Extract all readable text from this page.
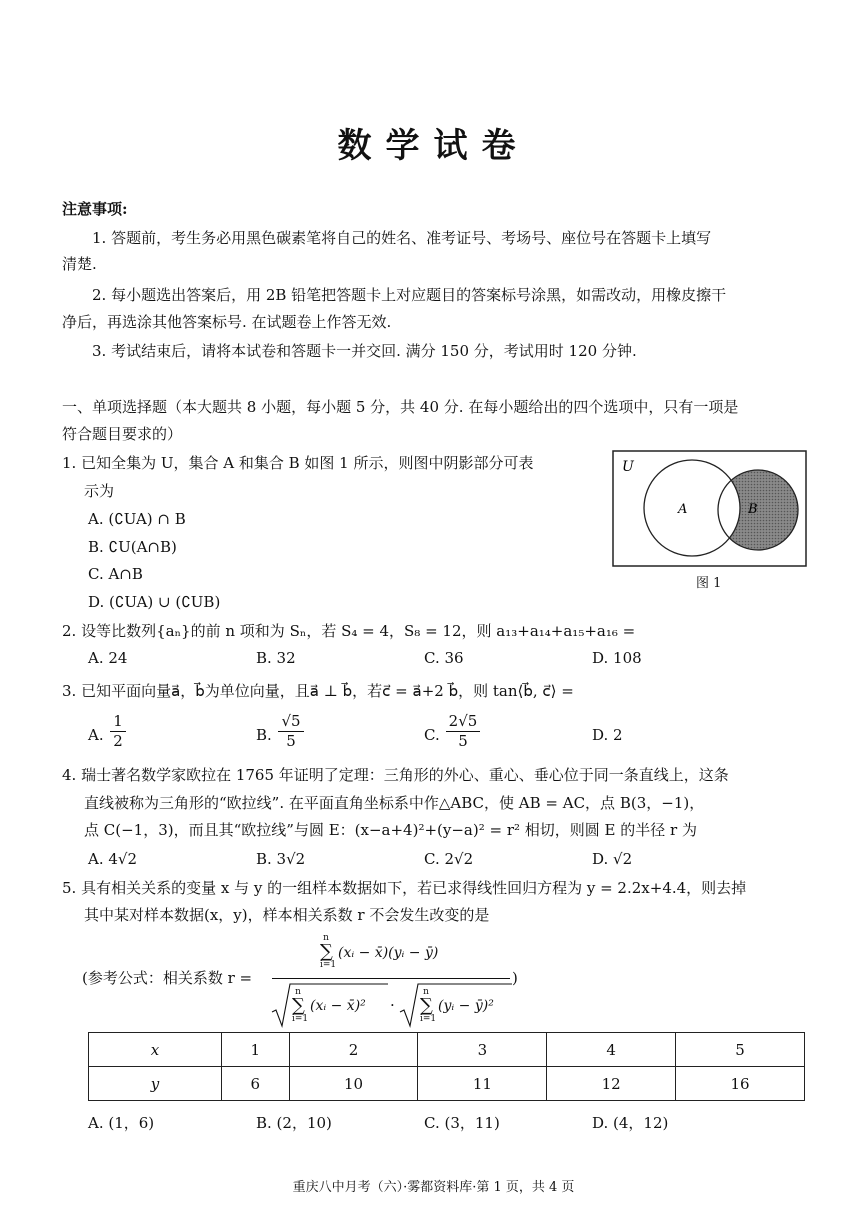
数学试卷
注意事项:
1. 答题前，考生务必用黑色碳素笔将自己的姓名、准考证号、考场号、座位号在答题卡上填写
清楚.
2. 每小题选出答案后，用 2B 铅笔把答题卡上对应题目的答案标号涂黑，如需改动，用橡皮擦干
净后，再选涂其他答案标号. 在试题卷上作答无效.
3. 考试结束后，请将本试卷和答题卡一并交回. 满分 150 分，考试用时 120 分钟.
一、单项选择题（本大题共 8 小题，每小题 5 分，共 40 分. 在每小题给出的四个选项中，只有一项是
符合题目要求的）
1. 已知全集为 U，集合 A 和集合 B 如图 1 所示，则图中阴影部分可表
示为
A. (∁UA) ∩ B
B. ∁U(A∩B)
C. A∩B
D. (∁UA) ∪ (∁UB)
U
A	B
图 1
2. 设等比数列{aₙ}的前 n 项和为 Sₙ，若 S₄ = 4，S₈ = 12，则 a₁₃+a₁₄+a₁₅+a₁₆ =
A. 24	B. 32	C. 36	D. 108
3. 已知平面向量a⃗，b⃗为单位向量，且a⃗ ⊥ b⃗，若c⃗ = a⃗+2 b⃗，则 tan⟨b⃗, c⃗⟩ =
A. $\frac{1}{2}$	B. $\frac{√5}{5}$	C. $\frac{2√5}{5}$	D. 2
4. 瑞士著名数学家欧拉在 1765 年证明了定理：三角形的外心、重心、垂心位于同一条直线上，这条
直线被称为三角形的“欧拉线”. 在平面直角坐标系中作△ABC，使 AB = AC，点 B(3，−1)，
点 C(−1，3)，而且其“欧拉线”与圆 E：(x−a+4)²+(y−a)² = r² 相切，则圆 E 的半径 r 为
A. 4√2	B. 3√2	C. 2√2	D. √2
5. 具有相关关系的变量 x 与 y 的一组样本数据如下，若已求得线性回归方程为 y = 2.2x+4.4，则去掉
其中某对样本数据(x，y)，样本相关系数 r 不会发生改变的是
(参考公式：相关系数 r =	)
n
∑
i=1
(xᵢ − x̄)(yᵢ − ȳ)
n
∑
i=1
(xᵢ − x̄)² ·
n
∑
i=1
(yᵢ − ȳ)²
x	1	2	3	4	5
y	6	10	11	12	16
A. (1，6)	B. (2，10)	C. (3，11)	D. (4，12)
重庆八中月考（六）·雾都资料库·第 1 页，共 4 页
